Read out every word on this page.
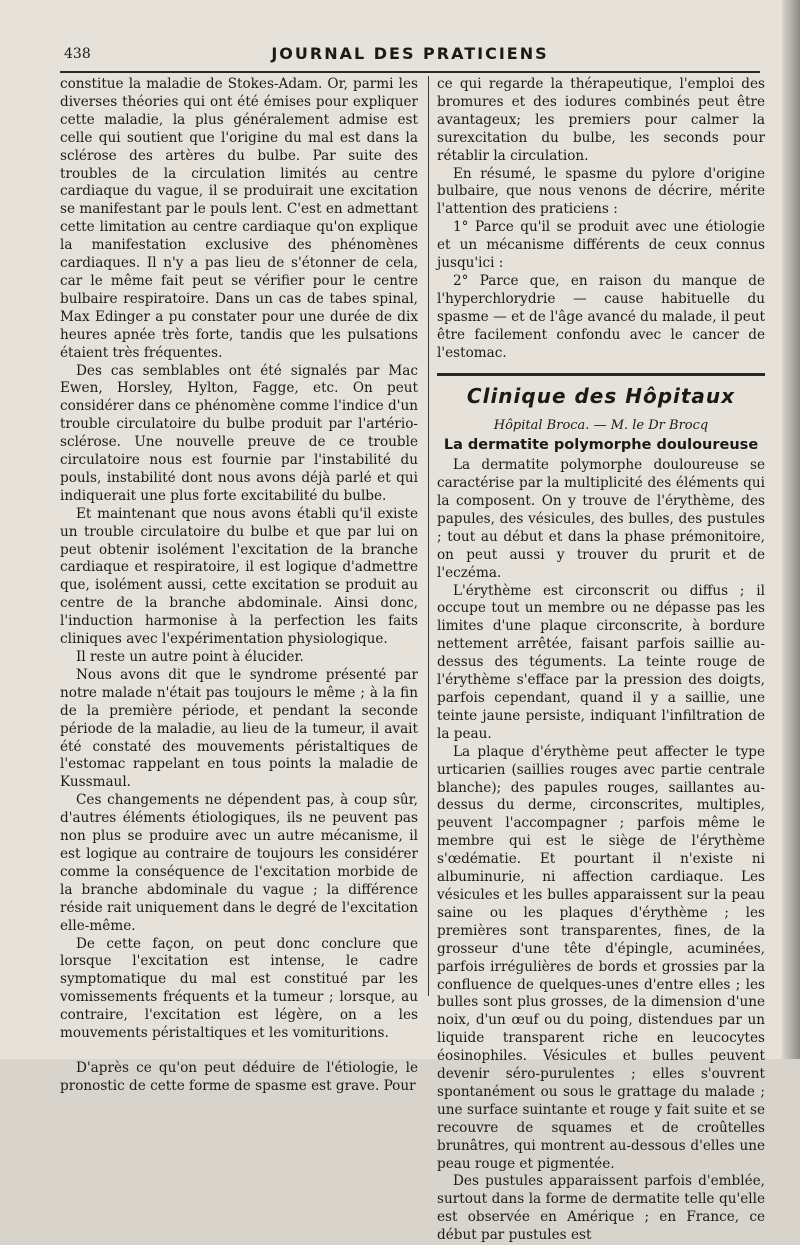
438	JOURNAL DES PRATICIENS

constitue la maladie de Stokes-Adam. Or, parmi les diverses théories qui ont été émises pour expliquer cette maladie, la plus généralement admise est celle qui soutient que l'origine du mal est dans la sclérose des artères du bulbe. Par suite des troubles de la circulation limités au centre cardiaque du vague, il se produirait une excitation se manifestant par le pouls lent. C'est en admettant cette limitation au centre cardiaque qu'on explique la manifestation exclusive des phénomènes cardiaques. Il n'y a pas lieu de s'étonner de cela, car le même fait peut se vérifier pour le centre bulbaire respiratoire. Dans un cas de tabes spinal, Max Edinger a pu constater pour une durée de dix heures apnée très forte, tandis que les pulsations étaient très fréquentes.

Des cas semblables ont été signalés par Mac Ewen, Horsley, Hylton, Fagge, etc. On peut considérer dans ce phénomène comme l'indice d'un trouble circulatoire du bulbe produit par l'artério-sclérose. Une nouvelle preuve de ce trouble circulatoire nous est fournie par l'instabilité du pouls, instabilité dont nous avons déjà parlé et qui indiquerait une plus forte excitabilité du bulbe.

Et maintenant que nous avons établi qu'il existe un trouble circulatoire du bulbe et que par lui on peut obtenir isolément l'excitation de la branche cardiaque et respiratoire, il est logique d'admettre que, isolément aussi, cette excitation se produit au centre de la branche abdominale. Ainsi donc, l'induction harmonise à la perfection les faits cliniques avec l'expérimentation physiologique.

Il reste un autre point à élucider.

Nous avons dit que le syndrome présenté par notre malade n'était pas toujours le même ; à la fin de la première période, et pendant la seconde période de la maladie, au lieu de la tumeur, il avait été constaté des mouvements péristaltiques de l'estomac rappelant en tous points la maladie de Kussmaul.

Ces changements ne dépendent pas, à coup sûr, d'autres éléments étiologiques, ils ne peuvent pas non plus se produire avec un autre mécanisme, il est logique au contraire de toujours les considérer comme la conséquence de l'excitation morbide de la branche abdominale du vague ; la différence réside rait uniquement dans le degré de l'excitation elle-même.

De cette façon, on peut donc conclure que lorsque l'excitation est intense, le cadre symptomatique du mal est constitué par les vomissements fréquents et la tumeur ; lorsque, au contraire, l'excitation est légère, on a les mouvements péristaltiques et les vomituritions.

D'après ce qu'on peut déduire de l'étiologie, le pronostic de cette forme de spasme est grave. Pour

ce qui regarde la thérapeutique, l'emploi des bromures et des iodures combinés peut être avantageux; les premiers pour calmer la surexcitation du bulbe, les seconds pour rétablir la circulation.

En résumé, le spasme du pylore d'origine bulbaire, que nous venons de décrire, mérite l'attention des praticiens :

1° Parce qu'il se produit avec une étiologie et un mécanisme différents de ceux connus jusqu'ici :

2° Parce que, en raison du manque de l'hyperchlorydrie — cause habituelle du spasme — et de l'âge avancé du malade, il peut être facilement confondu avec le cancer de l'estomac.

Clinique des Hôpitaux
Hôpital Broca. — M. le Dr Brocq
La dermatite polymorphe douloureuse

La dermatite polymorphe douloureuse se caractérise par la multiplicité des éléments qui la composent. On y trouve de l'érythème, des papules, des vésicules, des bulles, des pustules ; tout au début et dans la phase prémonitoire, on peut aussi y trouver du prurit et de l'eczéma.

L'érythème est circonscrit ou diffus ; il occupe tout un membre ou ne dépasse pas les limites d'une plaque circonscrite, à bordure nettement arrêtée, faisant parfois saillie au-dessus des téguments. La teinte rouge de l'érythème s'efface par la pression des doigts, parfois cependant, quand il y a saillie, une teinte jaune persiste, indiquant l'infiltration de la peau.

La plaque d'érythème peut affecter le type urticarien (saillies rouges avec partie centrale blanche); des papules rouges, saillantes au-dessus du derme, circonscrites, multiples, peuvent l'accompagner ; parfois même le membre qui est le siège de l'érythème s'œdématie. Et pourtant il n'existe ni albuminurie, ni affection cardiaque. Les vésicules et les bulles apparaissent sur la peau saine ou les plaques d'érythème ; les premières sont transparentes, fines, de la grosseur d'une tête d'épingle, acuminées, parfois irrégulières de bords et grossies par la confluence de quelques-unes d'entre elles ; les bulles sont plus grosses, de la dimension d'une noix, d'un œuf ou du poing, distendues par un liquide transparent riche en leucocytes éosinophiles. Vésicules et bulles peuvent devenir séro-purulentes ; elles s'ouvrent spontanément ou sous le grattage du malade ; une surface suintante et rouge y fait suite et se recouvre de squames et de croûtelles brunâtres, qui montrent au-dessous d'elles une peau rouge et pigmentée.

Des pustules apparaissent parfois d'emblée, surtout dans la forme de dermatite telle qu'elle est observée en Amérique ; en France, ce début par pustules est
